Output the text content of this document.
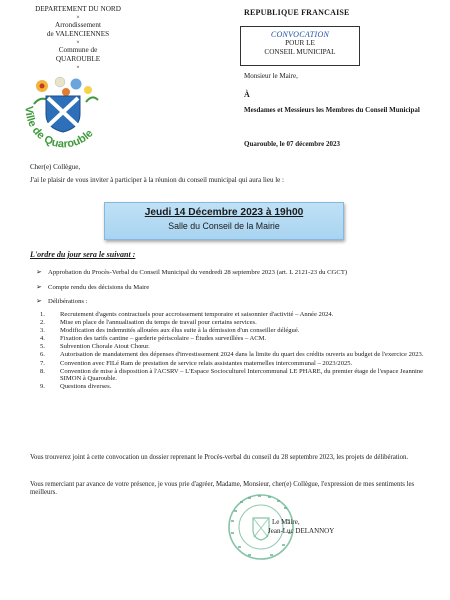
DEPARTEMENT DU NORD
×
Arrondissement
de VALENCIENNES
×
Commune de
QUAROUBLE
×
Ville de Quarouble
REPUBLIQUE FRANCAISE
CONVOCATION
POUR LE
CONSEIL MUNICIPAL
Monsieur le Maire,
À
Mesdames et Messieurs les Membres du Conseil Municipal
Quarouble, le 07 décembre 2023
Cher(e) Collègue,
J'ai le plaisir de vous inviter à participer à la réunion du conseil municipal qui aura lieu le :
Jeudi 14 Décembre 2023 à 19h00
Salle du Conseil de la Mairie
L'ordre du jour sera le suivant :
➢ Approbation du Procès-Verbal du Conseil Municipal du vendredi 28 septembre 2023 (art. L 2121-23 du CGCT)
➢ Compte rendu des décisions du Maire
➢ Délibérations :
1.	Recrutement d'agents contractuels pour accroissement temporaire et saisonnier d'activité – Année 2024.
2.	Mise en place de l'annualisation du temps de travail pour certains services.
3.	Modification des indemnités allouées aux élus suite à la démission d'un conseiller délégué.
4.	Fixation des tarifs cantine – garderie périscolaire – Études surveillées – ACM.
5.	Subvention Chorale Atout Chœur.
6.	Autorisation de mandatement des dépenses d'investissement 2024 dans la limite du quart des crédits ouverts au budget de l'exercice 2023.
7.	Convention avec FILé Ram de prestation de service relais assistantes maternelles intercommunal – 2023/2025.
8.	Convention de mise à disposition à l'ACSRV – L'Espace Socioculturel Intercommunal LE PHARE, du premier étage de l'espace Jeannine SIMON à Quarouble.
9.	Questions diverses.
Vous trouverez joint à cette convocation un dossier reprenant le Procès-verbal du conseil du 28 septembre 2023, les projets de délibération.
Vous remerciant par avance de votre présence, je vous prie d'agréer, Madame, Monsieur, cher(e) Collègue, l'expression de mes sentiments les meilleurs.
Le Maire,
Jean-Luc DELANNOY
